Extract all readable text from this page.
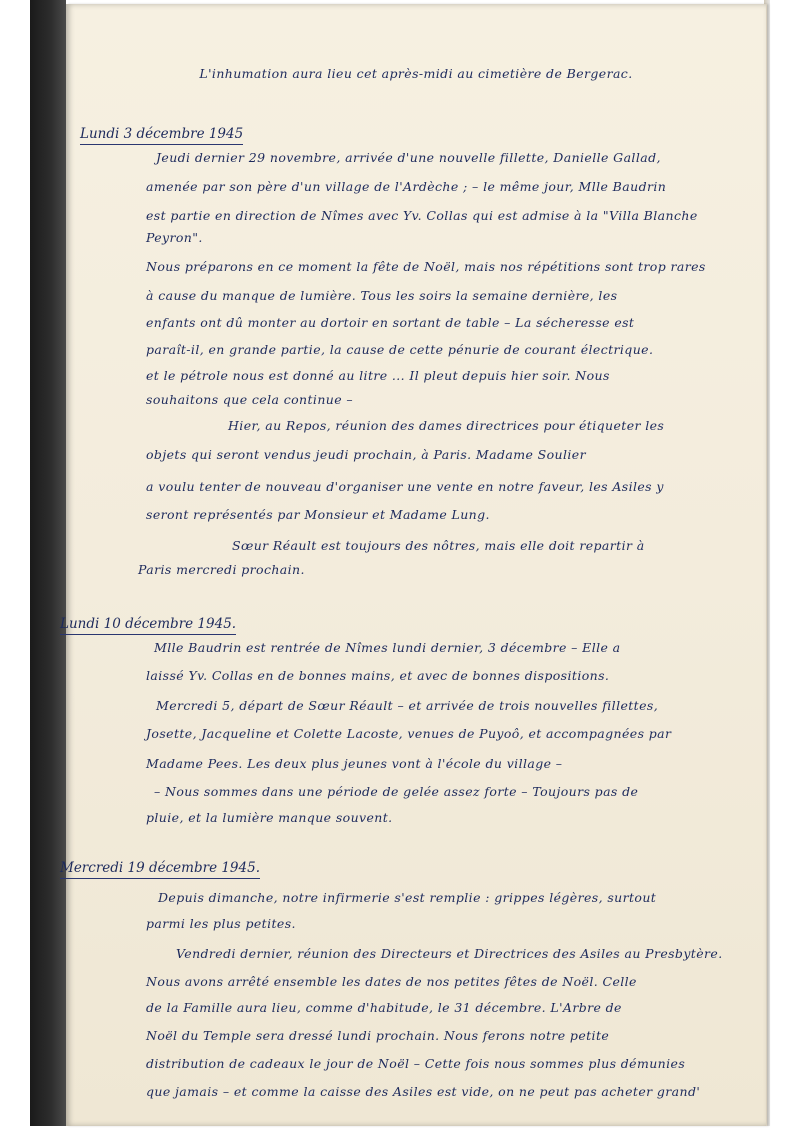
L'inhumation aura lieu cet après-midi au cimetière de Bergerac.
Lundi 3 décembre 1945
Jeudi dernier 29 novembre, arrivée d'une nouvelle fillette, Danielle Gallad,
amenée par son père d'un village de l'Ardèche ; – le même jour, Mlle Baudrin
est partie en direction de Nîmes avec Yv. Collas qui est admise à la "Villa Blanche
Peyron".
Nous préparons en ce moment la fête de Noël, mais nos répétitions sont trop rares
à cause du manque de lumière. Tous les soirs la semaine dernière, les
enfants ont dû monter au dortoir en sortant de table – La sécheresse est
paraît-il, en grande partie, la cause de cette pénurie de courant électrique.
et le pétrole nous est donné au litre ... Il pleut depuis hier soir. Nous
souhaitons que cela continue –
Hier, au Repos, réunion des dames directrices pour étiqueter les
objets qui seront vendus jeudi prochain, à Paris. Madame Soulier
a voulu tenter de nouveau d'organiser une vente en notre faveur, les Asiles y
seront représentés par Monsieur et Madame Lung.
Sœur Réault est toujours des nôtres, mais elle doit repartir à
Paris mercredi prochain.
Lundi 10 décembre 1945.
Mlle Baudrin est rentrée de Nîmes lundi dernier, 3 décembre – Elle a
laissé Yv. Collas en de bonnes mains, et avec de bonnes dispositions.
Mercredi 5, départ de Sœur Réault – et arrivée de trois nouvelles fillettes,
Josette, Jacqueline et Colette Lacoste, venues de Puyoô, et accompagnées par
Madame Pees. Les deux plus jeunes vont à l'école du village –
– Nous sommes dans une période de gelée assez forte – Toujours pas de
pluie, et la lumière manque souvent.
Mercredi 19 décembre 1945.
Depuis dimanche, notre infirmerie s'est remplie : grippes légères, surtout
parmi les plus petites.
Vendredi dernier, réunion des Directeurs et Directrices des Asiles au Presbytère.
Nous avons arrêté ensemble les dates de nos petites fêtes de Noël. Celle
de la Famille aura lieu, comme d'habitude, le 31 décembre. L'Arbre de
Noël du Temple sera dressé lundi prochain. Nous ferons notre petite
distribution de cadeaux le jour de Noël – Cette fois nous sommes plus démunies
que jamais – et comme la caisse des Asiles est vide, on ne peut pas acheter grand'
